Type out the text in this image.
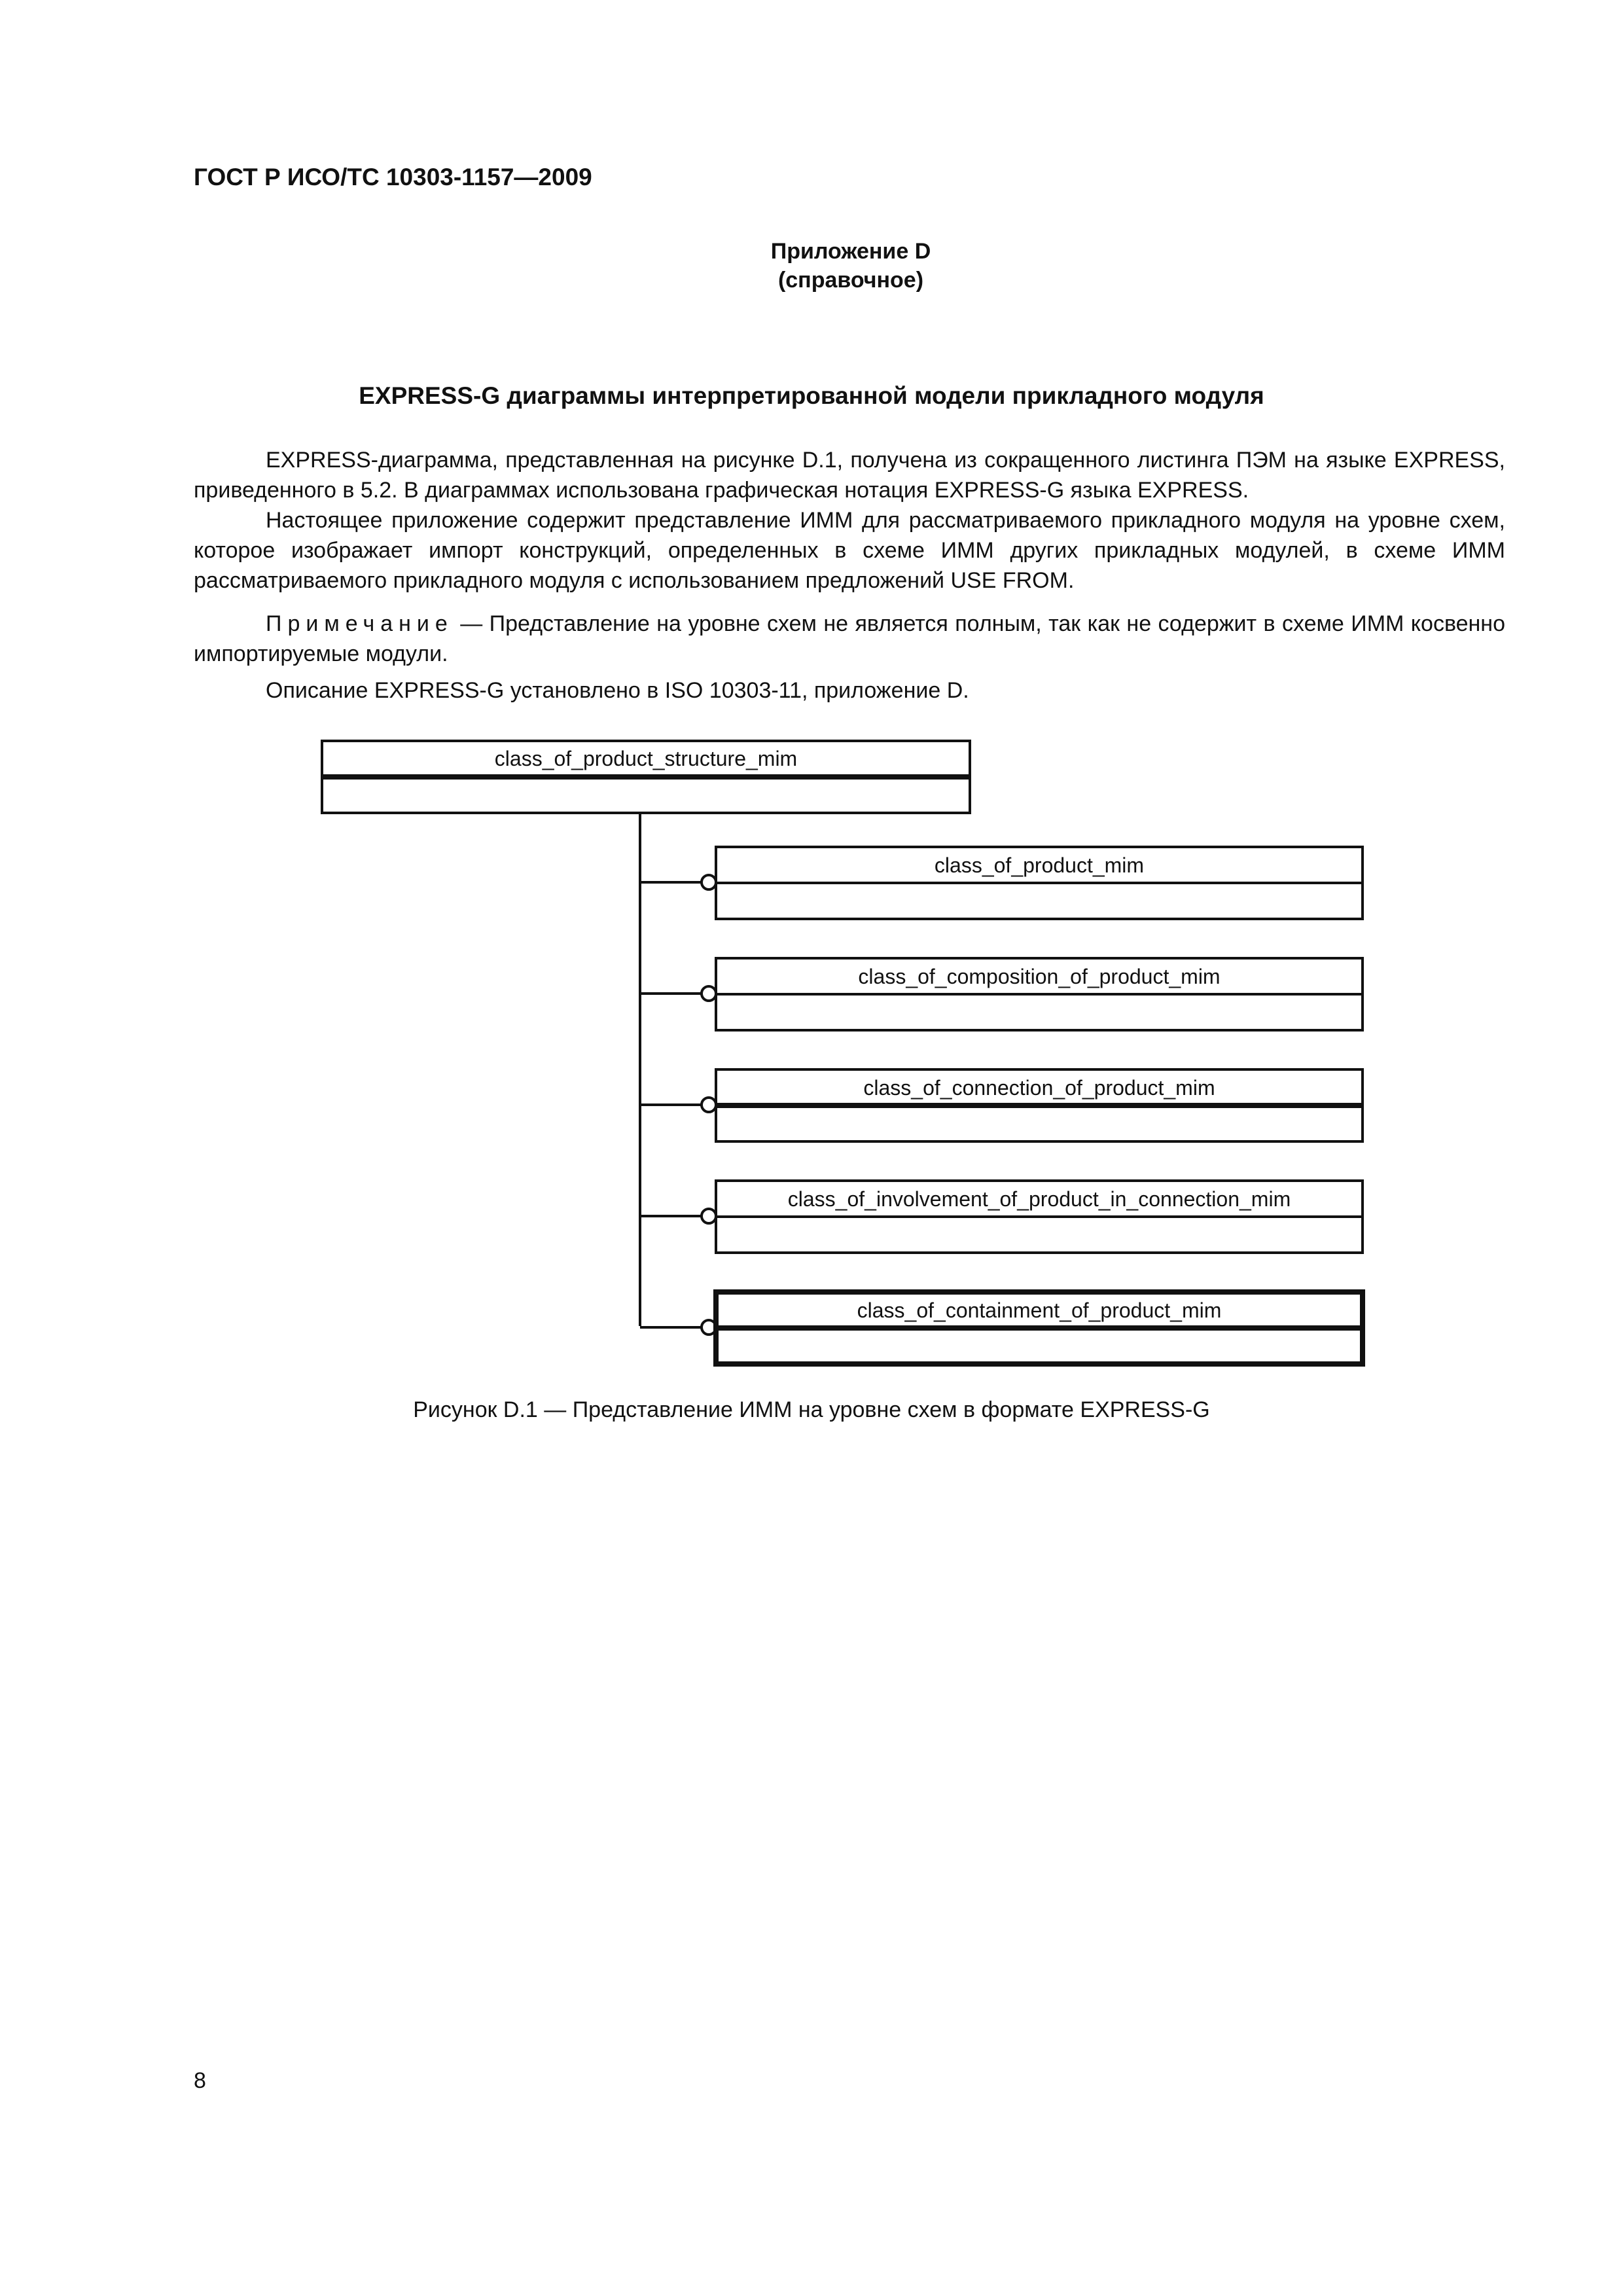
ГОСТ Р ИСО/ТС 10303-1157—2009
Приложение D
(справочное)
EXPRESS-G диаграммы интерпретированной модели прикладного модуля
EXPRESS-диаграмма, представленная на рисунке D.1, получена из сокращенного листинга ПЭМ на языке EXPRESS, приведенного в 5.2. В диаграммах использована графическая нотация EXPRESS-G языка EXPRESS.
Настоящее приложение содержит представление ИММ для рассматриваемого прикладного модуля на уровне схем, которое изображает импорт конструкций, определенных в схеме ИММ других прикладных модулей, в схеме ИММ рассматриваемого прикладного модуля с использованием предложений USE FROM.
Примечание — Представление на уровне схем не является полным, так как не содержит в схеме ИММ косвенно импортируемые модули.
Описание EXPRESS-G установлено в ISO 10303-11, приложение D.
class_of_product_structure_mim
class_of_product_mim
class_of_composition_of_product_mim
class_of_connection_of_product_mim
class_of_involvement_of_product_in_connection_mim
class_of_containment_of_product_mim
Рисунок D.1 — Представление ИММ на уровне схем в формате EXPRESS-G
8
